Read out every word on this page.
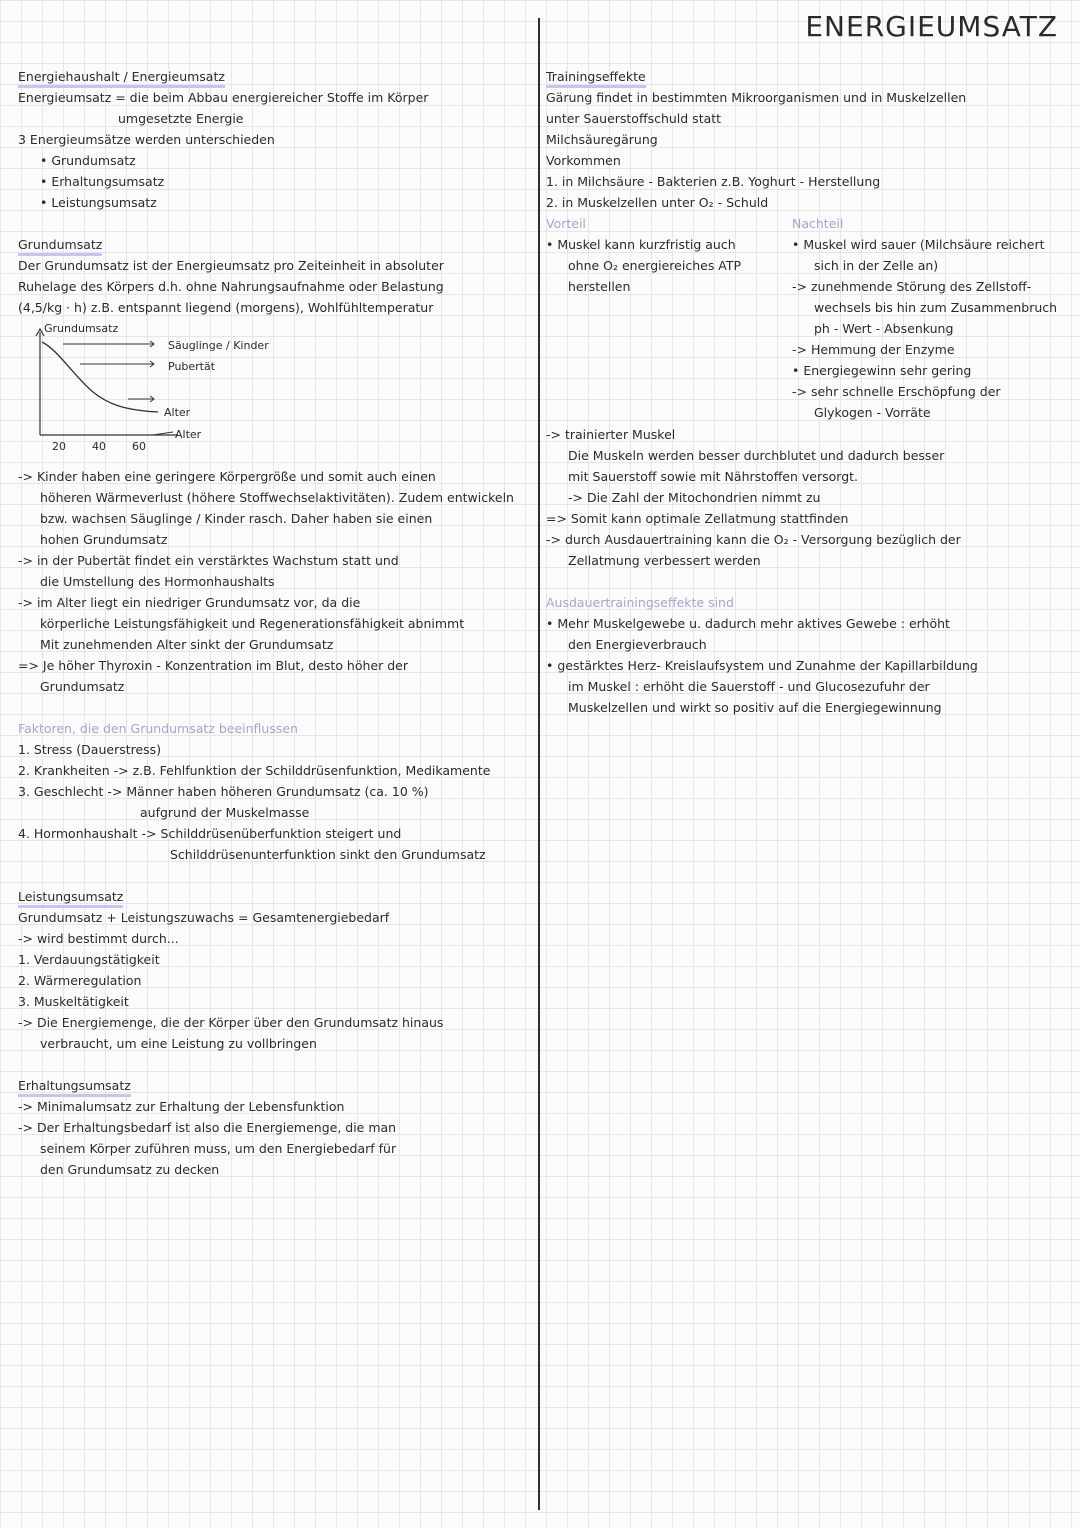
ENERGIEUMSATZ
Energiehaushalt / Energieumsatz
Energieumsatz = die beim Abbau energiereicher Stoffe im Körper
umgesetzte Energie
3 Energieumsätze werden unterschieden
• Grundumsatz
• Erhaltungsumsatz
• Leistungsumsatz
Grundumsatz
Der Grundumsatz ist der Energieumsatz pro Zeiteinheit in absoluter
Ruhelage des Körpers d.h. ohne Nahrungsaufnahme oder Belastung
(4,5/kg · h) z.B. entspannt liegend (morgens), Wohlfühltemperatur
Grundumsatz
Säuglinge / Kinder
Pubertät
Alter
Alter
20 40 60
-> Kinder haben eine geringere Körpergröße und somit auch einen
höheren Wärmeverlust (höhere Stoffwechselaktivitäten). Zudem entwickeln
bzw. wachsen Säuglinge / Kinder rasch. Daher haben sie einen
hohen Grundumsatz
-> in der Pubertät findet ein verstärktes Wachstum statt und
die Umstellung des Hormonhaushalts
-> im Alter liegt ein niedriger Grundumsatz vor, da die
körperliche Leistungsfähigkeit und Regenerationsfähigkeit abnimmt
Mit zunehmenden Alter sinkt der Grundumsatz
=> Je höher Thyroxin - Konzentration im Blut, desto höher der
Grundumsatz
Faktoren, die den Grundumsatz beeinflussen
1. Stress (Dauerstress)
2. Krankheiten -> z.B. Fehlfunktion der Schilddrüsenfunktion, Medikamente
3. Geschlecht -> Männer haben höheren Grundumsatz (ca. 10 %)
aufgrund der Muskelmasse
4. Hormonhaushalt -> Schilddrüsenüberfunktion steigert und
Schilddrüsenunterfunktion sinkt den Grundumsatz
Leistungsumsatz
Grundumsatz + Leistungszuwachs = Gesamtenergiebedarf
-> wird bestimmt durch...
1. Verdauungstätigkeit
2. Wärmeregulation
3. Muskeltätigkeit
-> Die Energiemenge, die der Körper über den Grundumsatz hinaus
verbraucht, um eine Leistung zu vollbringen
Erhaltungsumsatz
-> Minimalumsatz zur Erhaltung der Lebensfunktion
-> Der Erhaltungsbedarf ist also die Energiemenge, die man
seinem Körper zuführen muss, um den Energiebedarf für
den Grundumsatz zu decken
Trainingseffekte
Gärung findet in bestimmten Mikroorganismen und in Muskelzellen
unter Sauerstoffschuld statt
Milchsäuregärung
Vorkommen
1. in Milchsäure - Bakterien z.B. Yoghurt - Herstellung
2. in Muskelzellen unter O₂ - Schuld
Vorteil
• Muskel kann kurzfristig auch
ohne O₂ energiereiches ATP
herstellen
Nachteil
• Muskel wird sauer (Milchsäure reichert
sich in der Zelle an)
-> zunehmende Störung des Zellstoff-
wechsels bis hin zum Zusammenbruch
ph - Wert - Absenkung
-> Hemmung der Enzyme
• Energiegewinn sehr gering
-> sehr schnelle Erschöpfung der
Glykogen - Vorräte
-> trainierter Muskel
Die Muskeln werden besser durchblutet und dadurch besser
mit Sauerstoff sowie mit Nährstoffen versorgt.
-> Die Zahl der Mitochondrien nimmt zu
=> Somit kann optimale Zellatmung stattfinden
-> durch Ausdauertraining kann die O₂ - Versorgung bezüglich der
Zellatmung verbessert werden
Ausdauertrainingseffekte sind
• Mehr Muskelgewebe u. dadurch mehr aktives Gewebe : erhöht
den Energieverbrauch
• gestärktes Herz- Kreislaufsystem und Zunahme der Kapillarbildung
im Muskel : erhöht die Sauerstoff - und Glucosezufuhr der
Muskelzellen und wirkt so positiv auf die Energiegewinnung
